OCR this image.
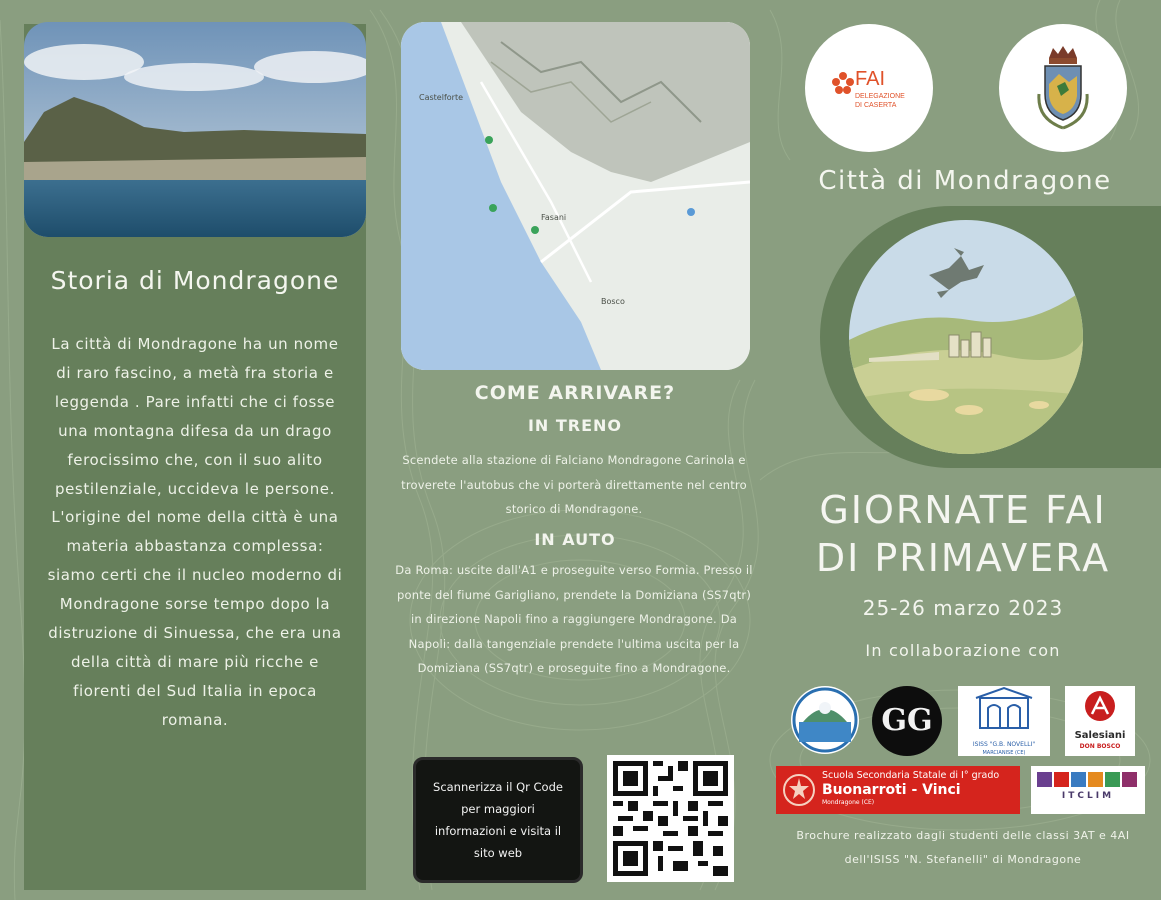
Storia di Mondragone
La città di Mondragone ha un nome di raro fascino, a metà fra storia e leggenda . Pare infatti che ci fosse una montagna difesa da un drago ferocissimo che, con il suo alito pestilenziale, uccideva le persone. L'origine del nome della città è una materia abbastanza complessa: siamo certi che il nucleo moderno di Mondragone sorse tempo dopo la distruzione di Sinuessa, che era una della città di mare più ricche e fiorenti del Sud Italia in epoca romana.
Castelforte
Fasani
Bosco
COME ARRIVARE?
IN TRENO
Scendete alla stazione di Falciano Mondragone Carinola e troverete l'autobus che vi porterà direttamente nel centro storico di Mondragone.
IN AUTO
Da Roma: uscite dall'A1 e proseguite verso Formia. Presso il ponte del fiume Garigliano, prendete la Domiziana (SS7qtr) in direzione Napoli fino a raggiungere Mondragone. Da Napoli: dalla tangenziale prendete l'ultima uscita per la Domiziana (SS7qtr) e proseguite fino a Mondragone.
Scannerizza il Qr Code per maggiori informazioni e visita il sito web
FAI
DELEGAZIONE
DI CASERTA
Città di Mondragone
GIORNATE FAI
DI PRIMAVERA
25-26 marzo 2023
In collaborazione con
GG
ISISS "G.B. NOVELLI"
MARCIANISE (CE)
Salesiani
DON BOSCO
Scuola Secondaria Statale di I° grado
Buonarroti - Vinci
Mondragone (CE)
ITCLIM
Brochure realizzato dagli studenti delle classi 3AT e 4AI dell'ISISS "N. Stefanelli" di Mondragone
